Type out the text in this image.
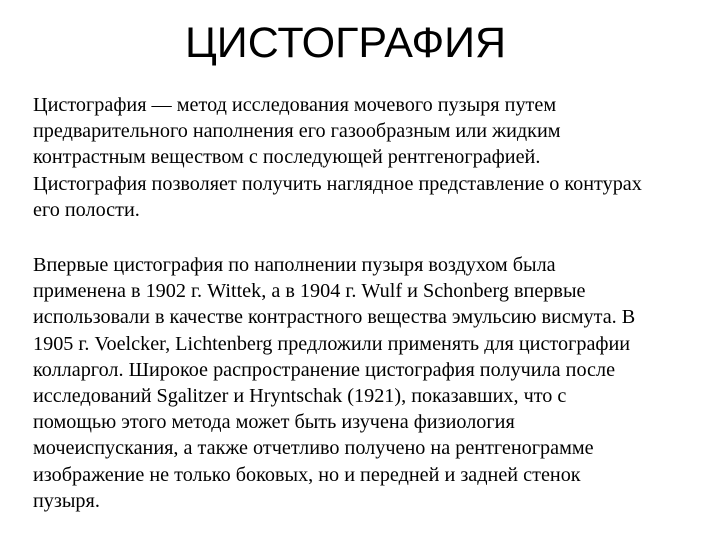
ЦИСТОГРАФИЯ

Цистография — метод исследования мочевого пузыря путем
предварительного наполнения его газообразным или жидким
контрастным веществом с последующей рентгенографией.
Цистография позволяет получить наглядное представление о контурах
его полости.

Впервые цистография по наполнении пузыря воздухом была
применена в 1902 г. Wittek, а в 1904 г. Wulf и Schonberg впервые
использовали в качестве контрастного вещества эмульсию висмута. В
1905 г. Voelcker, Lichtenberg предложили применять для цистографии
колларгол. Широкое распространение цистография получила после
исследований Sgalitzer и Hryntschak (1921), показавших, что с
помощью этого метода может быть изучена физиология
мочеиспускания, а также отчетливо получено на рентгенограмме
изображение не только боковых, но и передней и задней стенок
пузыря.
